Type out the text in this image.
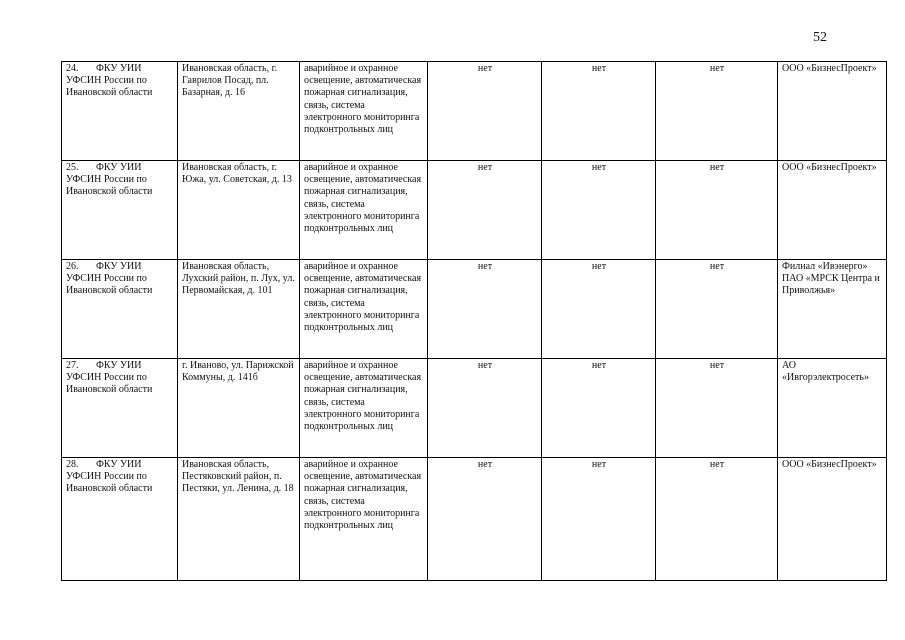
52
24. ФКУ УИИ УФСИН России по Ивановской области	Ивановская область, г. Гаврилов Посад, пл. Базарная, д. 16	аварийное и охранное освещение, автоматическая пожарная сигнализация, связь, система электронного мониторинга подконтрольных лиц	нет	нет	нет	ООО «БизнесПроект»
25. ФКУ УИИ УФСИН России по Ивановской области	Ивановская область, г. Южа, ул. Советская, д. 13	аварийное и охранное освещение, автоматическая пожарная сигнализация, связь, система электронного мониторинга подконтрольных лиц	нет	нет	нет	ООО «БизнесПроект»
26. ФКУ УИИ УФСИН России по Ивановской области	Ивановская область, Лухский район, п. Лух, ул. Первомайская, д. 101	аварийное и охранное освещение, автоматическая пожарная сигнализация, связь, система электронного мониторинга подконтрольных лиц	нет	нет	нет	Филиал «Ивэнерго» ПАО «МРСК Центра и Приволжья»
27. ФКУ УИИ УФСИН России по Ивановской области	г. Иваново, ул. Парижской Коммуны, д. 141б	аварийное и охранное освещение, автоматическая пожарная сигнализация, связь, система электронного мониторинга подконтрольных лиц	нет	нет	нет	АО «Ивгорэлектросеть»
28. ФКУ УИИ УФСИН России по Ивановской области	Ивановская область, Пестяковский район, п. Пестяки, ул. Ленина, д. 18	аварийное и охранное освещение, автоматическая пожарная сигнализация, связь, система электронного мониторинга подконтрольных лиц	нет	нет	нет	ООО «БизнесПроект»
